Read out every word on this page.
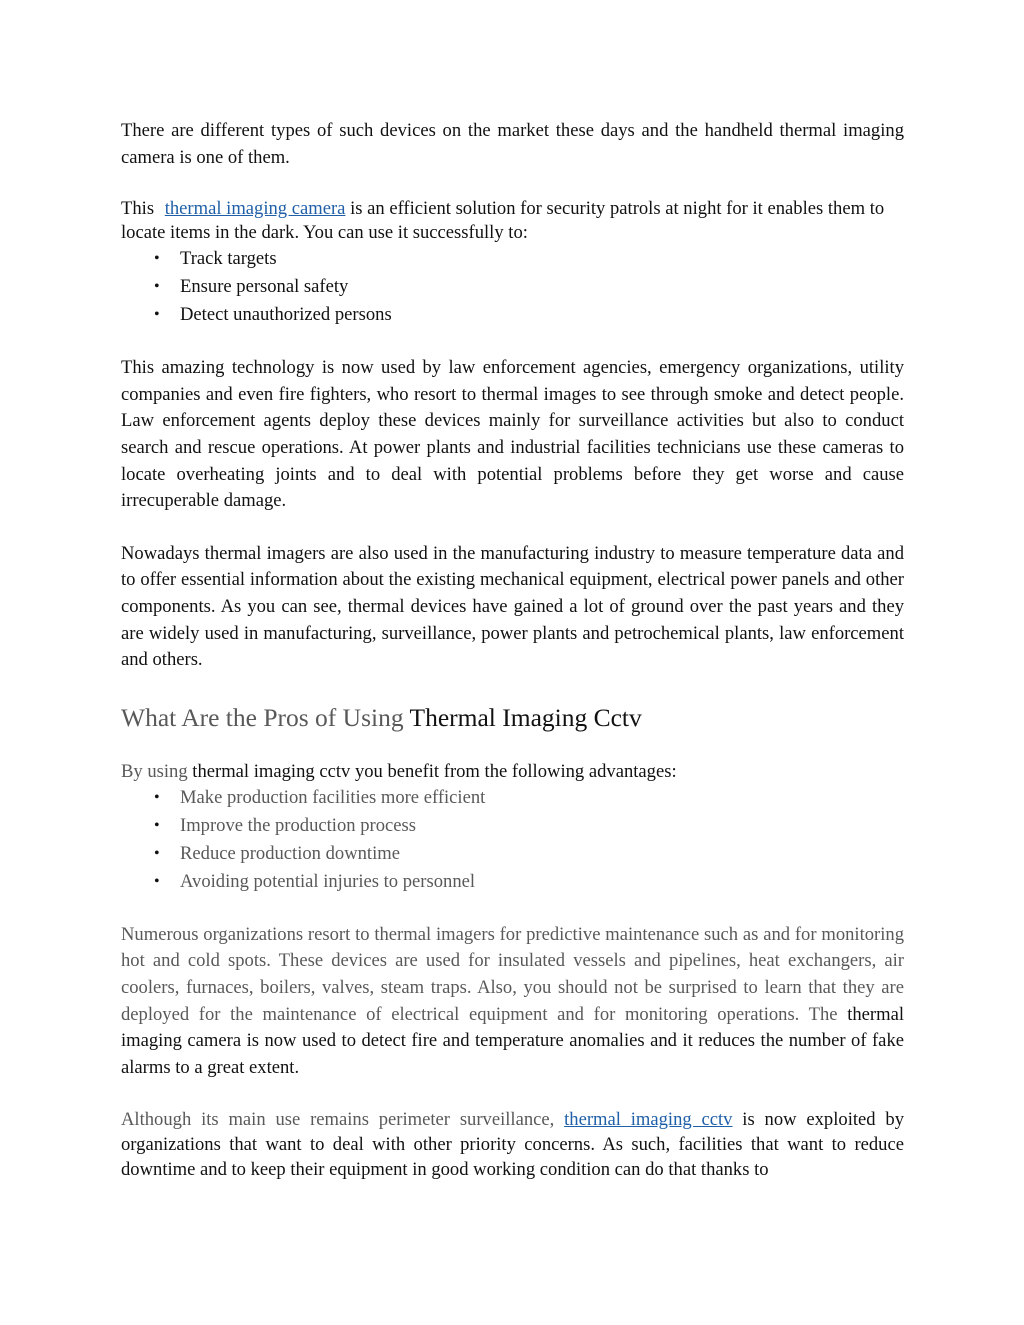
There are different types of such devices on the market these days and the handheld thermal imaging camera is one of them.

This thermal imaging camera is an efficient solution for security patrols at night for it enables them to locate items in the dark. You can use it successfully to:

• Track targets
• Ensure personal safety
• Detect unauthorized persons

This amazing technology is now used by law enforcement agencies, emergency organizations, utility companies and even fire fighters, who resort to thermal images to see through smoke and detect people. Law enforcement agents deploy these devices mainly for surveillance activities but also to conduct search and rescue operations. At power plants and industrial facilities technicians use these cameras to locate overheating joints and to deal with potential problems before they get worse and cause irrecuperable damage.

Nowadays thermal imagers are also used in the manufacturing industry to measure temperature data and to offer essential information about the existing mechanical equipment, electrical power panels and other components. As you can see, thermal devices have gained a lot of ground over the past years and they are widely used in manufacturing, surveillance, power plants and petrochemical plants, law enforcement and others.

What Are the Pros of Using Thermal Imaging Cctv

By using thermal imaging cctv you benefit from the following advantages:

• Make production facilities more efficient
• Improve the production process
• Reduce production downtime
• Avoiding potential injuries to personnel

Numerous organizations resort to thermal imagers for predictive maintenance such as and for monitoring hot and cold spots. These devices are used for insulated vessels and pipelines, heat exchangers, air coolers, furnaces, boilers, valves, steam traps. Also, you should not be surprised to learn that they are deployed for the maintenance of electrical equipment and for monitoring operations. The thermal imaging camera is now used to detect fire and temperature anomalies and it reduces the number of fake alarms to a great extent.

Although its main use remains perimeter surveillance, thermal imaging cctv is now exploited by organizations that want to deal with other priority concerns. As such, facilities that want to reduce downtime and to keep their equipment in good working condition can do that thanks to
